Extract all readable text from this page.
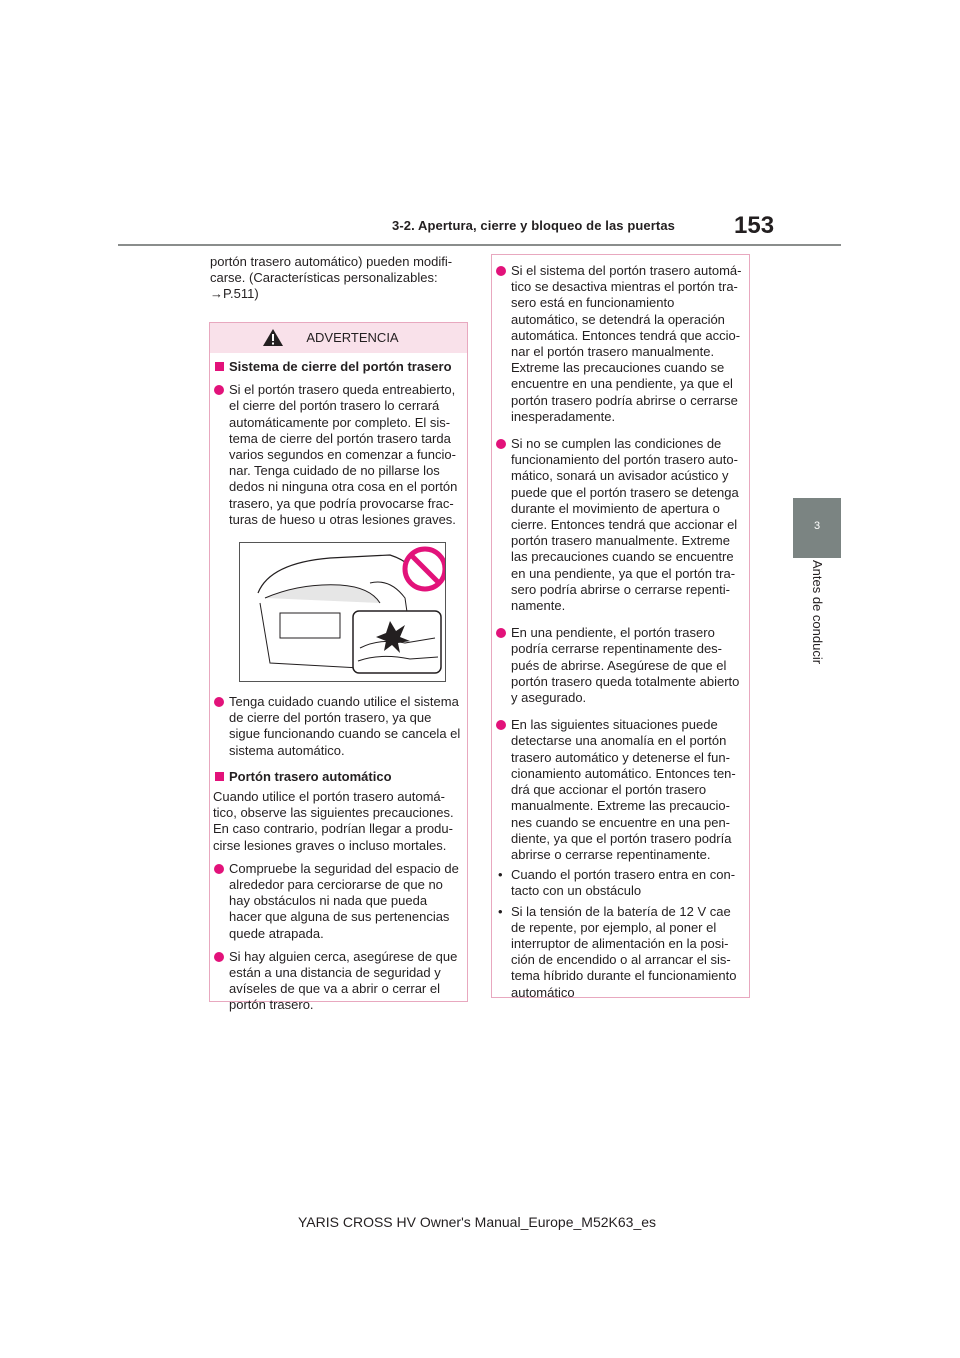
3-2. Apertura, cierre y bloqueo de las puertas 153
3
Antes de conducir
portón trasero automático) pueden modifi-carse. (Características personalizables: →P.511)
ADVERTENCIA
Sistema de cierre del portón trasero
Si el portón trasero queda entreabierto, el cierre del portón trasero lo cerrará automáticamente por completo. El sis-tema de cierre del portón trasero tarda varios segundos en comenzar a funcio-nar. Tenga cuidado de no pillarse los dedos ni ninguna otra cosa en el portón trasero, ya que podría provocarse frac-turas de hueso u otras lesiones graves.
Tenga cuidado cuando utilice el sistema de cierre del portón trasero, ya que sigue funcionando cuando se cancela el sistema automático.
Portón trasero automático
Cuando utilice el portón trasero automá-tico, observe las siguientes precauciones. En caso contrario, podrían llegar a produ-cirse lesiones graves o incluso mortales.
Compruebe la seguridad del espacio de alrededor para cerciorarse de que no hay obstáculos ni nada que pueda hacer que alguna de sus pertenencias quede atrapada.
Si hay alguien cerca, asegúrese de que están a una distancia de seguridad y avíseles de que va a abrir o cerrar el portón trasero.
Si el sistema del portón trasero automá-tico se desactiva mientras el portón tra-sero está en funcionamiento automático, se detendrá la operación automática. Entonces tendrá que accio-nar el portón trasero manualmente. Extreme las precauciones cuando se encuentre en una pendiente, ya que el portón trasero podría abrirse o cerrarse inesperadamente.
Si no se cumplen las condiciones de funcionamiento del portón trasero auto-mático, sonará un avisador acústico y puede que el portón trasero se detenga durante el movimiento de apertura o cierre. Entonces tendrá que accionar el portón trasero manualmente. Extreme las precauciones cuando se encuentre en una pendiente, ya que el portón tra-sero podría abrirse o cerrarse repenti-namente.
En una pendiente, el portón trasero podría cerrarse repentinamente des-pués de abrirse. Asegúrese de que el portón trasero queda totalmente abierto y asegurado.
En las siguientes situaciones puede detectarse una anomalía en el portón trasero automático y detenerse el fun-cionamiento automático. Entonces ten-drá que accionar el portón trasero manualmente. Extreme las precaucio-nes cuando se encuentre en una pen-diente, ya que el portón trasero podría abrirse o cerrarse repentinamente.
• Cuando el portón trasero entra en con-tacto con un obstáculo
• Si la tensión de la batería de 12 V cae de repente, por ejemplo, al poner el interruptor de alimentación en la posi-ción de encendido o al arrancar el sis-tema híbrido durante el funcionamiento automático
YARIS CROSS HV Owner's Manual_Europe_M52K63_es
